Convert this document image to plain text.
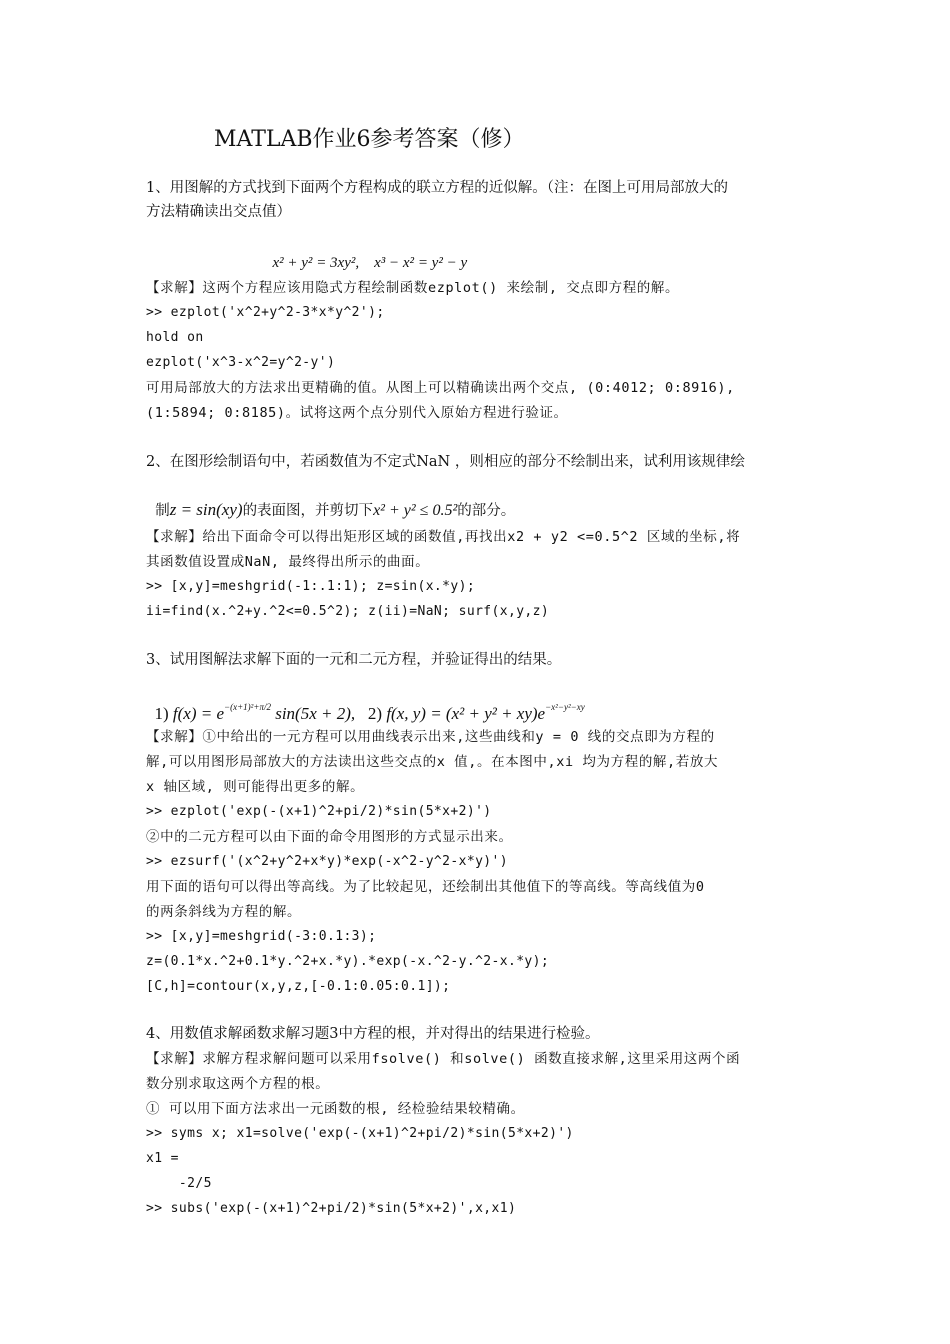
MATLAB作业6参考答案（修）
1、用图解的方式找到下面两个方程构成的联立方程的近似解。（注：在图上可用局部放大的
方法精确读出交点值）

x² + y² = 3xy², x³ − x² = y² − y

【求解】这两个方程应该用隐式方程绘制函数ezplot() 来绘制, 交点即方程的解。
>> ezplot('x^2+y^2-3*x*y^2');
hold on
ezplot('x^3-x^2=y^2-y')
可用局部放大的方法求出更精确的值。从图上可以精确读出两个交点, (0:4012; 0:8916),
(1:5894; 0:8185)。试将这两个点分别代入原始方程进行验证。
2、在图形绘制语句中，若函数值为不定式NaN ，则相应的部分不绘制出来，试利用该规律绘

制z = sin(xy)的表面图，并剪切下x² + y² ≤ 0.5²的部分。

【求解】给出下面命令可以得出矩形区域的函数值,再找出x2 + y2 <=0.5^2 区域的坐标,将
其函数值设置成NaN, 最终得出所示的曲面。
>> [x,y]=meshgrid(-1:.1:1); z=sin(x.*y);
ii=find(x.^2+y.^2<=0.5^2); z(ii)=NaN; surf(x,y,z)
3、试用图解法求解下面的一元和二元方程，并验证得出的结果。

1) $f(x) = e^{-(x+1)^2+\pi/2}$ sin(5x + 2), 2) f(x, $y) = (x^2 + y^2 + xy)e^{-x^2-y^2-xy}$

【求解】①中给出的一元方程可以用曲线表示出来,这些曲线和y = 0 线的交点即为方程的
解,可以用图形局部放大的方法读出这些交点的x 值,。在本图中,xi 均为方程的解,若放大
x 轴区域, 则可能得出更多的解。
>> ezplot('exp(-(x+1)^2+pi/2)*sin(5*x+2)')
②中的二元方程可以由下面的命令用图形的方式显示出来。
>> ezsurf('(x^2+y^2+x*y)*exp(-x^2-y^2-x*y)')
用下面的语句可以得出等高线。为了比较起见，还绘制出其他值下的等高线。等高线值为0
的两条斜线为方程的解。
>> [x,y]=meshgrid(-3:0.1:3);
z=(0.1*x.^2+0.1*y.^2+x.*y).*exp(-x.^2-y.^2-x.*y);
[C,h]=contour(x,y,z,[-0.1:0.05:0.1]);
4、用数值求解函数求解习题3中方程的根，并对得出的结果进行检验。
【求解】求解方程求解问题可以采用fsolve() 和solve() 函数直接求解,这里采用这两个函
数分别求取这两个方程的根。
① 可以用下面方法求出一元函数的根, 经检验结果较精确。
>> syms x; x1=solve('exp(-(x+1)^2+pi/2)*sin(5*x+2)')
x1 =
-2/5
>> subs('exp(-(x+1)^2+pi/2)*sin(5*x+2)',x,x1)
